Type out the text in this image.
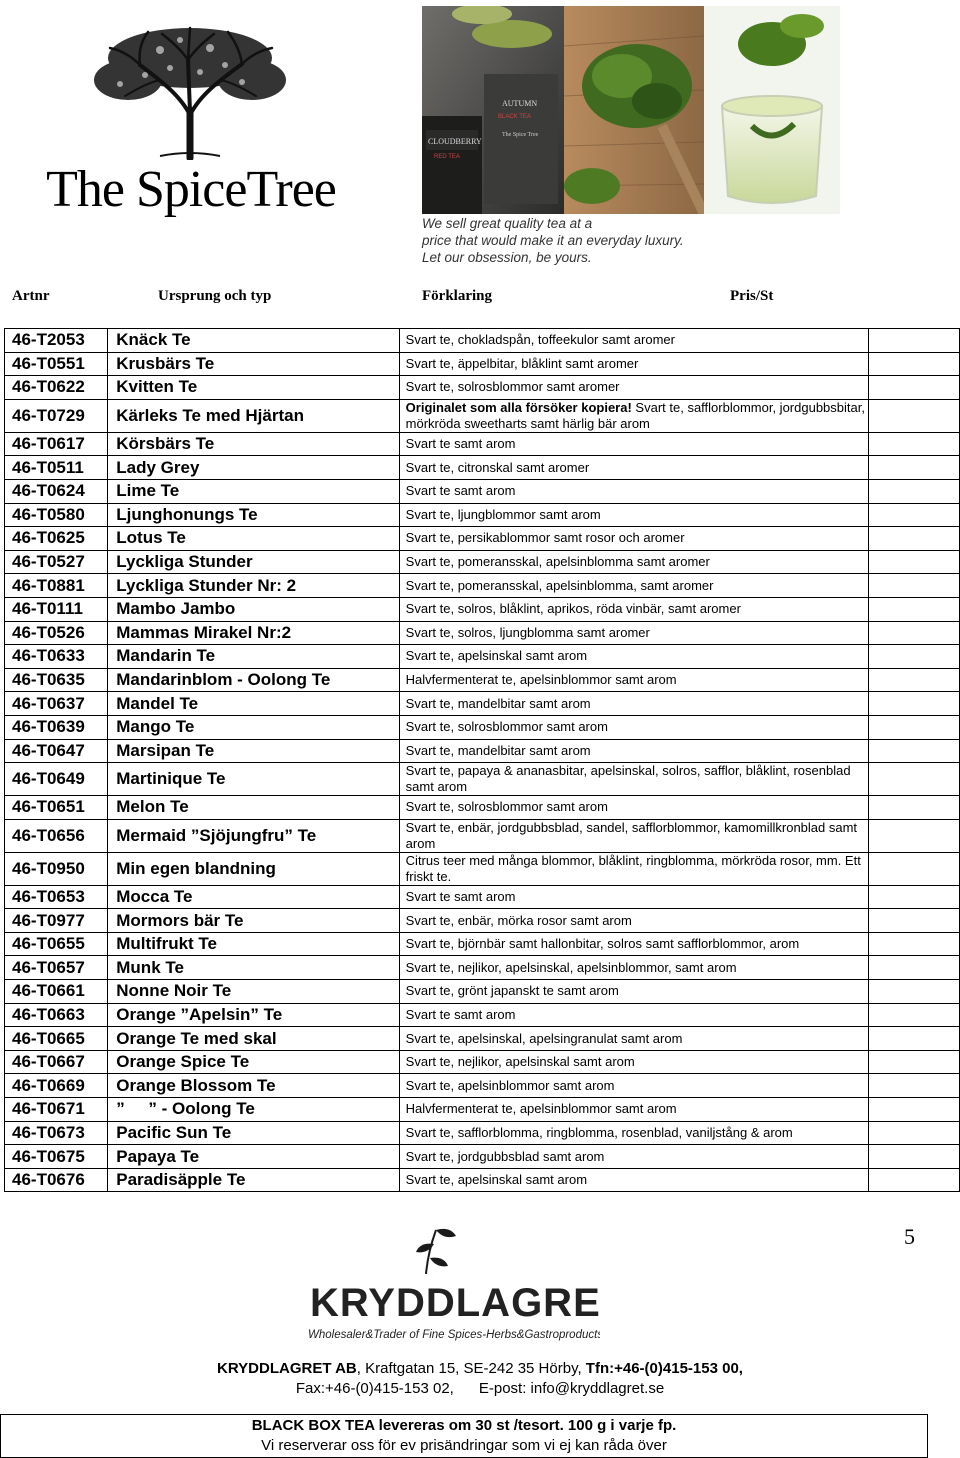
The SpiceTree
CLOUDBERRY
RED TEA
AUTUMN
BLACK TEA
The Spice Tree
We sell great quality tea at a
price that would make it an everyday luxury.
Let our obsession, be yours.
Artnr	Ursprung och typ	Förklaring	Pris/St
46-T2053	Knäck Te	Svart te, chokladspån, toffeekulor samt aromer	
46-T0551	Krusbärs Te	Svart te, äppelbitar, blåklint samt aromer	
46-T0622	Kvitten Te	Svart te, solrosblommor samt aromer	
46-T0729	Kärleks Te med Hjärtan	Originalet som alla försöker kopiera! Svart te, safflorblommor, jordgubbsbitar, mörkröda sweetharts samt härlig bär arom	
46-T0617	Körsbärs Te	Svart te samt arom	
46-T0511	Lady Grey	Svart te, citronskal samt aromer	
46-T0624	Lime Te	Svart te samt arom	
46-T0580	Ljunghonungs Te	Svart te, ljungblommor samt arom	
46-T0625	Lotus Te	Svart te, persikablommor samt rosor och aromer	
46-T0527	Lyckliga Stunder	Svart te, pomeransskal, apelsinblomma samt aromer	
46-T0881	Lyckliga Stunder Nr: 2	Svart te, pomeransskal, apelsinblomma, samt aromer	
46-T0111	Mambo Jambo	Svart te, solros, blåklint, aprikos, röda vinbär, samt aromer	
46-T0526	Mammas Mirakel Nr:2	Svart te, solros, ljungblomma samt aromer	
46-T0633	Mandarin Te	Svart te, apelsinskal samt arom	
46-T0635	Mandarinblom - Oolong Te	Halvfermenterat te, apelsinblommor samt arom	
46-T0637	Mandel Te	Svart te, mandelbitar samt arom	
46-T0639	Mango Te	Svart te, solrosblommor samt arom	
46-T0647	Marsipan Te	Svart te, mandelbitar samt arom	
46-T0649	Martinique Te	Svart te, papaya & ananasbitar, apelsinskal, solros, safflor, blåklint, rosenblad samt arom	
46-T0651	Melon Te	Svart te, solrosblommor samt arom	
46-T0656	Mermaid ”Sjöjungfru” Te	Svart te, enbär, jordgubbsblad, sandel, safflorblommor, kamomillkronblad samt arom	
46-T0950	Min egen blandning	Citrus teer med många blommor, blåklint, ringblomma, mörkröda rosor, mm. Ett friskt te.	
46-T0653	Mocca Te	Svart te samt arom	
46-T0977	Mormors bär Te	Svart te, enbär, mörka rosor samt arom	
46-T0655	Multifrukt Te	Svart te, björnbär samt hallonbitar, solros samt safflorblommor, arom	
46-T0657	Munk Te	Svart te, nejlikor, apelsinskal, apelsinblommor, samt arom	
46-T0661	Nonne Noir Te	Svart te, grönt japanskt te samt arom	
46-T0663	Orange ”Apelsin” Te	Svart te samt arom	
46-T0665	Orange Te med skal	Svart te, apelsinskal, apelsingranulat samt arom	
46-T0667	Orange Spice Te	Svart te, nejlikor, apelsinskal samt arom	
46-T0669	Orange Blossom Te	Svart te, apelsinblommor samt arom	
46-T0671	”     ” - Oolong Te	Halvfermenterat te, apelsinblommor samt arom	
46-T0673	Pacific Sun Te	Svart te, safflorblomma, ringblomma, rosenblad, vaniljstång & arom	
46-T0675	Papaya Te	Svart te, jordgubbsblad samt arom	
46-T0676	Paradisäpple Te	Svart te, apelsinskal samt arom	
5
KRYDDLAGRET
Wholesaler&Trader of Fine Spices-Herbs&Gastroproducts
KRYDDLAGRET AB, Kraftgatan 15, SE-242 35 Hörby, Tfn:+46-(0)415-153 00,
Fax:+46-(0)415-153 02,      E-post: info@kryddlagret.se
BLACK BOX TEA levereras om 30 st /tesort. 100 g i varje fp.
Vi reserverar oss för ev prisändringar som vi ej kan råda över
